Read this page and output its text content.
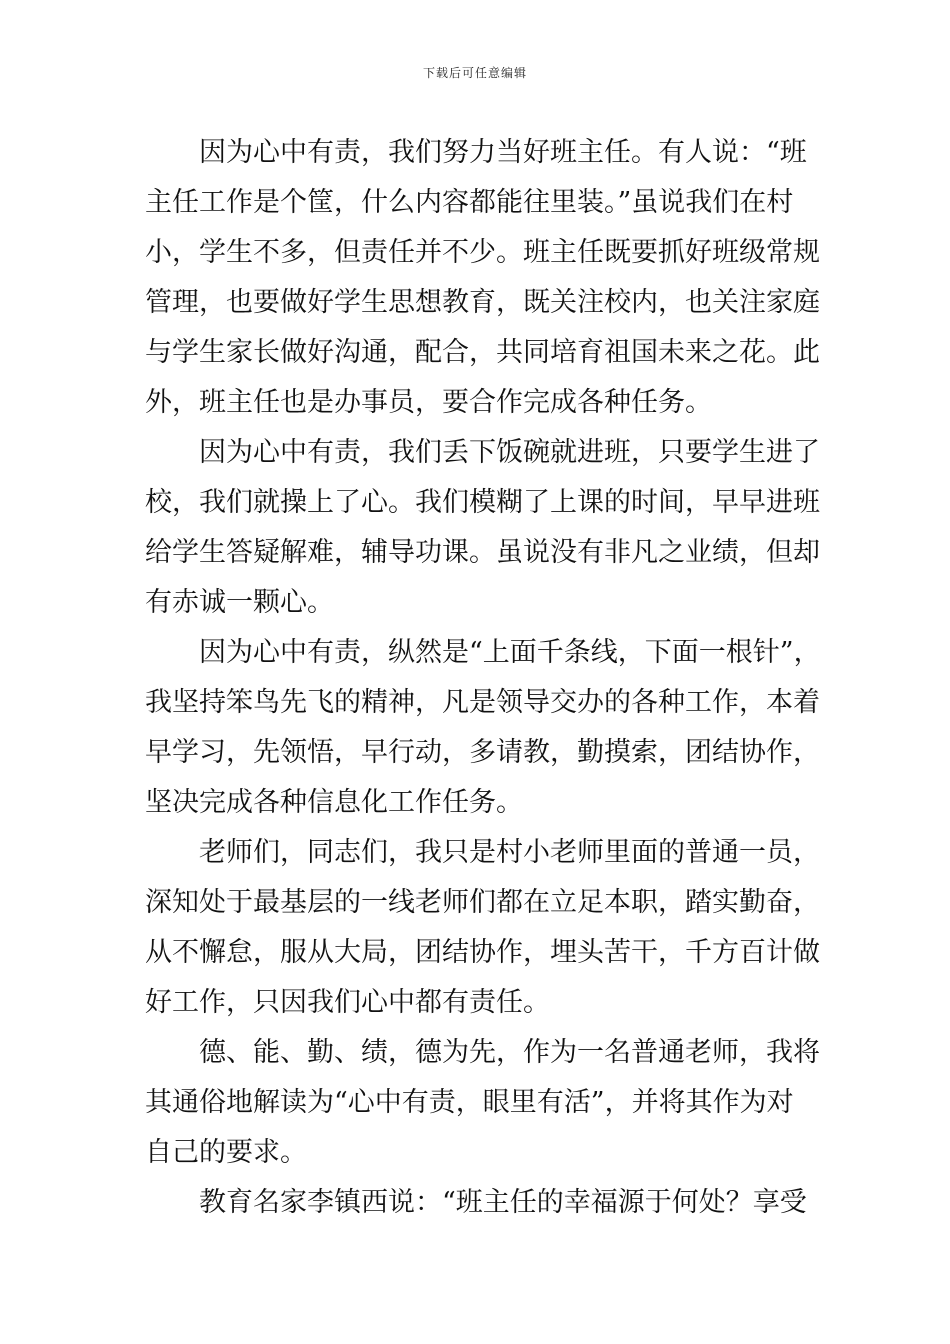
下载后可任意编辑
因为心中有责，我们努力当好班主任。有人说：“班
主任工作是个筐，什么内容都能往里装。”虽说我们在村
小，学生不多，但责任并不少。班主任既要抓好班级常规
管理，也要做好学生思想教育，既关注校内，也关注家庭
与学生家长做好沟通，配合，共同培育祖国未来之花。此
外，班主任也是办事员，要合作完成各种任务。
因为心中有责，我们丢下饭碗就进班，只要学生进了
校，我们就操上了心。我们模糊了上课的时间，早早进班
给学生答疑解难，辅导功课。虽说没有非凡之业绩，但却
有赤诚一颗心。
因为心中有责，纵然是“上面千条线，下面一根针”，
我坚持笨鸟先飞的精神，凡是领导交办的各种工作，本着
早学习，先领悟，早行动，多请教，勤摸索，团结协作，
坚决完成各种信息化工作任务。
老师们，同志们，我只是村小老师里面的普通一员，
深知处于最基层的一线老师们都在立足本职，踏实勤奋，
从不懈怠，服从大局，团结协作，埋头苦干，千方百计做
好工作，只因我们心中都有责任。
德、能、勤、绩，德为先，作为一名普通老师，我将
其通俗地解读为“心中有责，眼里有活”，并将其作为对
自己的要求。
教育名家李镇西说：“班主任的幸福源于何处？享受
